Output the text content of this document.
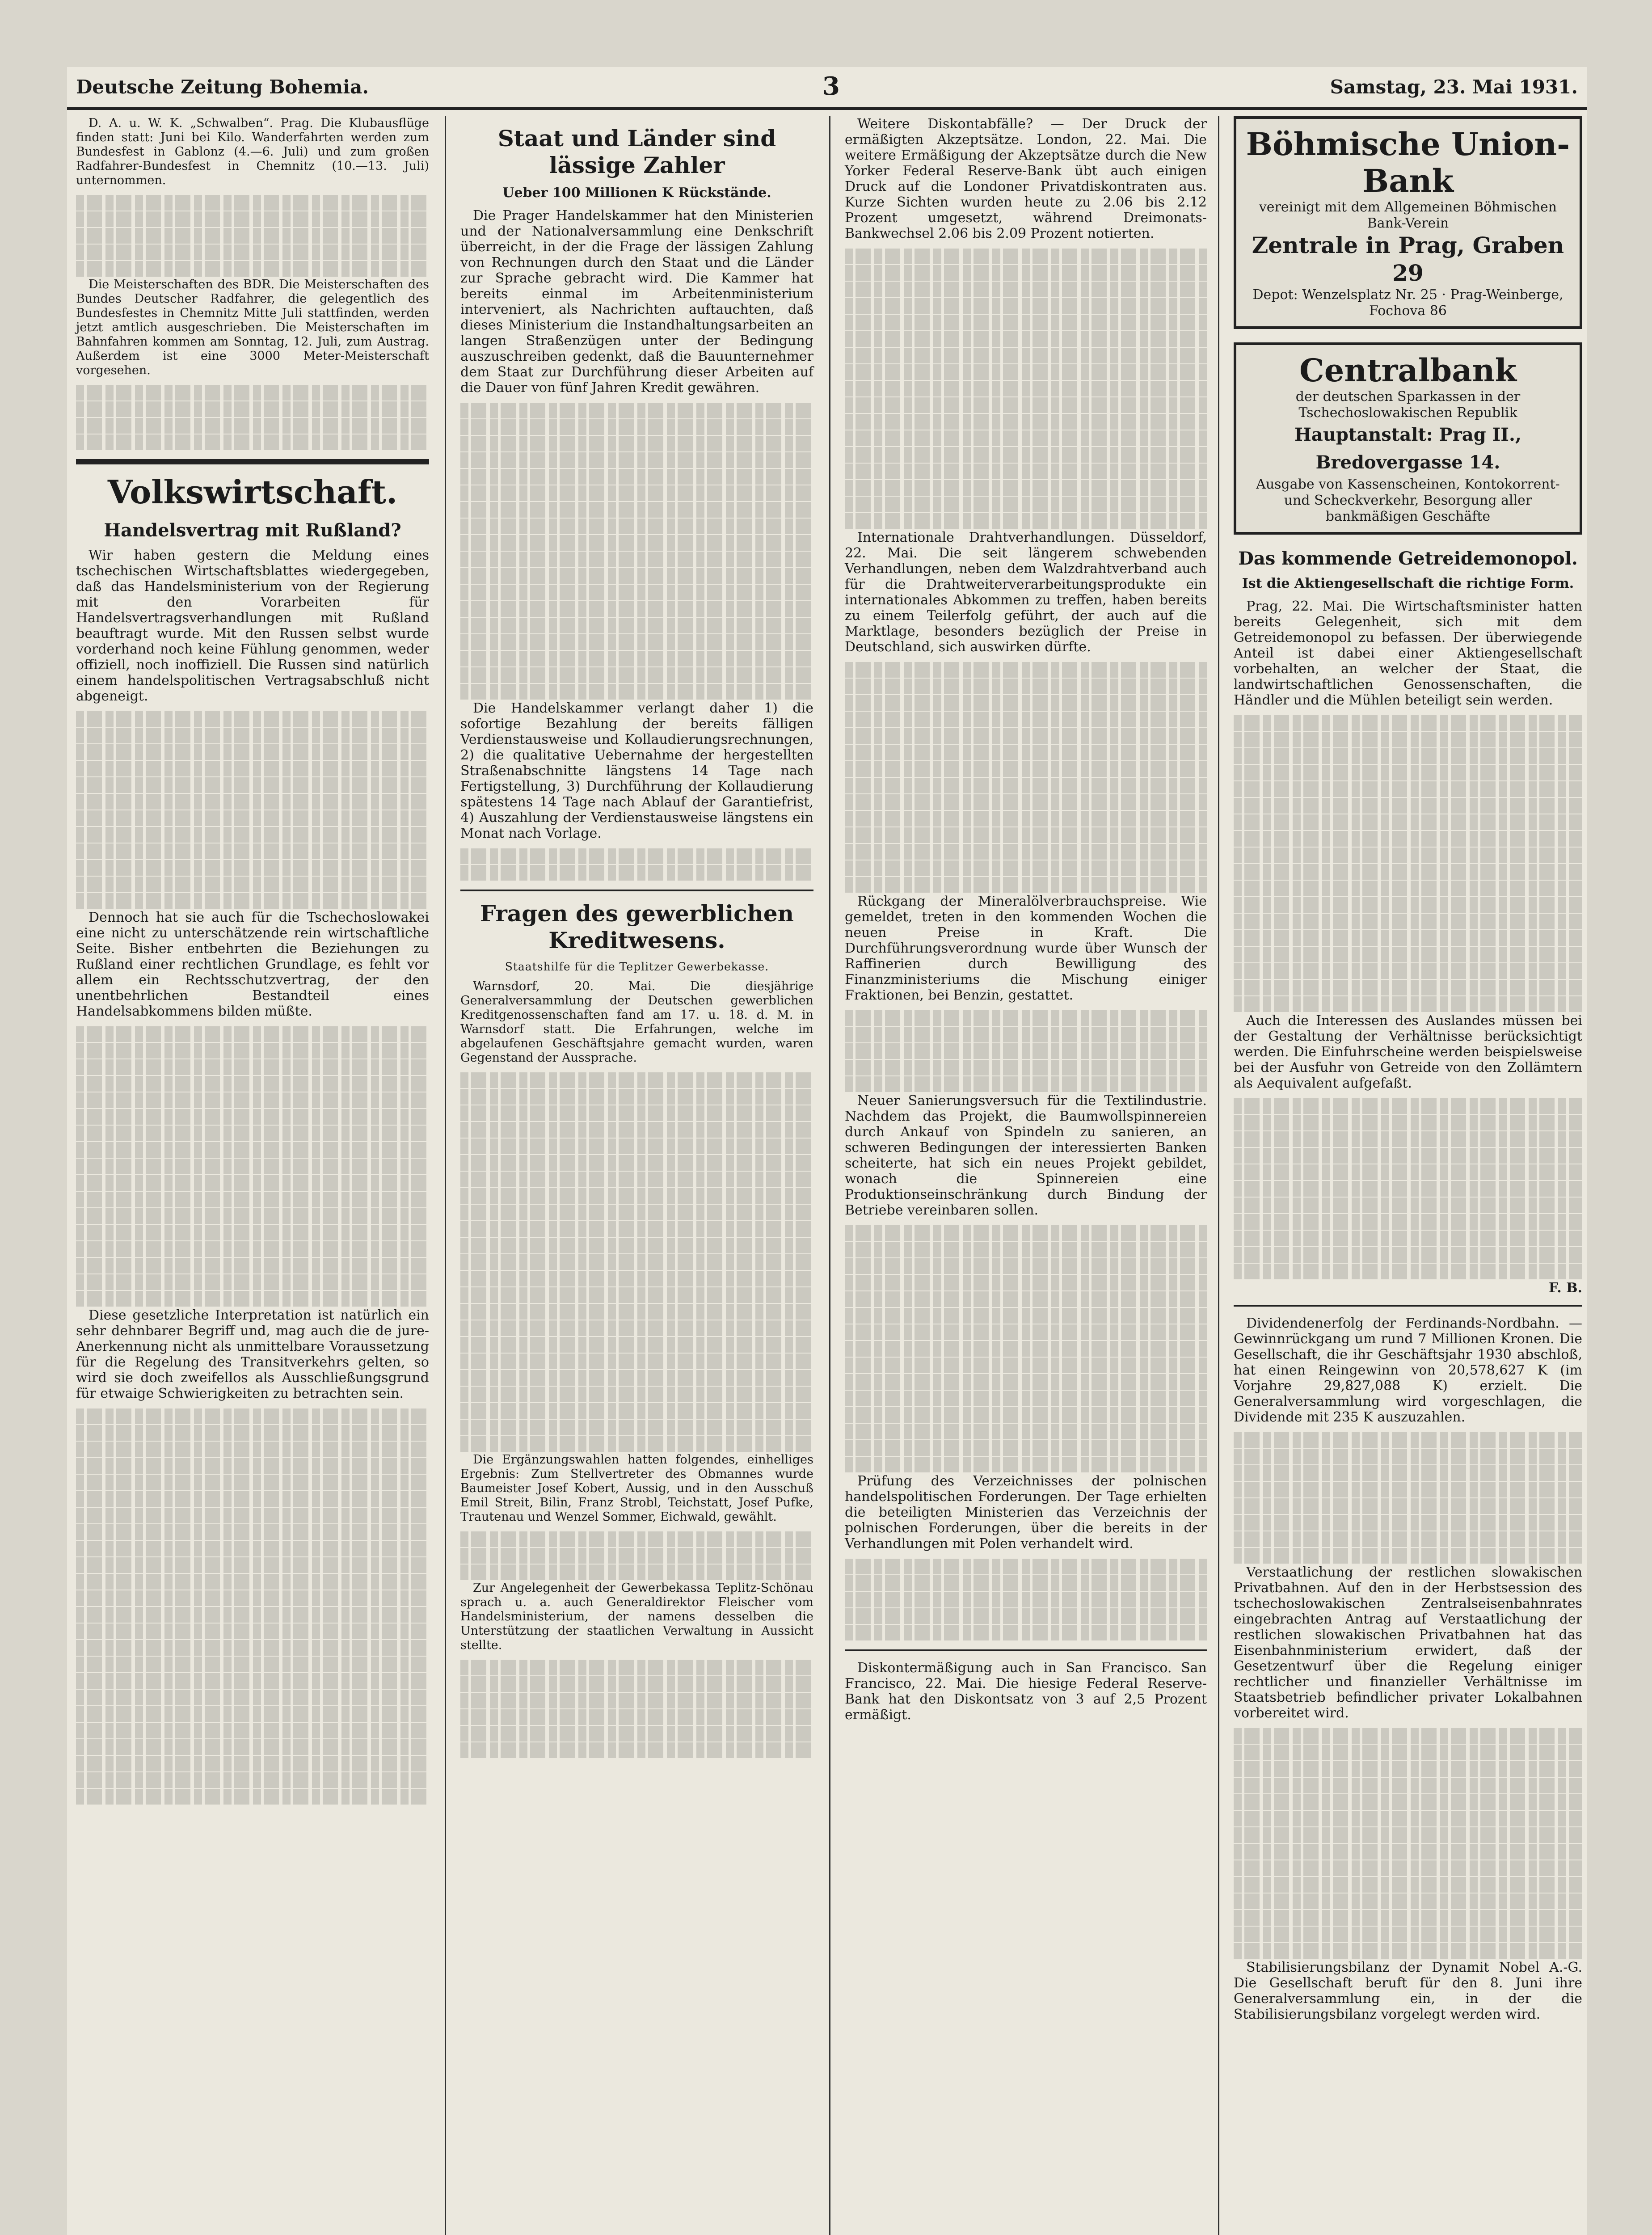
Deutsche Zeitung Bohemia.	3	Samstag, 23. Mai 1931.

D. A. u. W. K. „Schwalben“. Prag. Die Klubausflüge finden statt: Juni bei Kilo. Wanderfahrten werden zum Bundesfest in Gablonz (4.—6. Juli) und zum großen Radfahrer-Bundesfest in Chemnitz (10.—13. Juli) unternommen.

Die Meisterschaften des BDR. Die Meisterschaften des Bundes Deutscher Radfahrer, die gelegentlich des Bundesfestes in Chemnitz Mitte Juli stattfinden, werden jetzt amtlich ausgeschrieben. Die Meisterschaften im Bahnfahren kommen am Sonntag, 12. Juli, zum Austrag. Außerdem ist eine 3000 Meter-Meisterschaft vorgesehen.

Volkswirtschaft.
Handelsvertrag mit Rußland?

Wir haben gestern die Meldung eines tschechischen Wirtschaftsblattes wiedergegeben, daß das Handelsministerium von der Regierung mit den Vorarbeiten für Handelsvertragsverhandlungen mit Rußland beauftragt wurde. Mit den Russen selbst wurde vorderhand noch keine Fühlung genommen, weder offiziell, noch inoffiziell. Die Russen sind natürlich einem handelspolitischen Vertragsabschluß nicht abgeneigt.

Dennoch hat sie auch für die Tschechoslowakei eine nicht zu unterschätzende rein wirtschaftliche Seite. Bisher entbehrten die Beziehungen zu Rußland einer rechtlichen Grundlage, es fehlt vor allem ein Rechtsschutzvertrag, der den unentbehrlichen Bestandteil eines Handelsabkommens bilden müßte.

Diese gesetzliche Interpretation ist natürlich ein sehr dehnbarer Begriff und, mag auch die de jure-Anerkennung nicht als unmittelbare Voraussetzung für die Regelung des Transitverkehrs gelten, so wird sie doch zweifellos als Ausschließungsgrund für etwaige Schwierigkeiten zu betrachten sein.

Staat und Länder sind lässige Zahler
Ueber 100 Millionen K Rückstände.

Die Prager Handelskammer hat den Ministerien und der Nationalversammlung eine Denkschrift überreicht, in der die Frage der lässigen Zahlung von Rechnungen durch den Staat und die Länder zur Sprache gebracht wird. Die Kammer hat bereits einmal im Arbeitenministerium interveniert, als Nachrichten auftauchten, daß dieses Ministerium die Instandhaltungsarbeiten an langen Straßenzügen unter der Bedingung auszuschreiben gedenkt, daß die Bauunternehmer dem Staat zur Durchführung dieser Arbeiten auf die Dauer von fünf Jahren Kredit gewähren.

Die Handelskammer verlangt daher 1) die sofortige Bezahlung der bereits fälligen Verdienstausweise und Kollaudierungsrechnungen, 2) die qualitative Uebernahme der hergestellten Straßenabschnitte längstens 14 Tage nach Fertigstellung, 3) Durchführung der Kollaudierung spätestens 14 Tage nach Ablauf der Garantiefrist, 4) Auszahlung der Verdienstausweise längstens ein Monat nach Vorlage.

Fragen des gewerblichen Kreditwesens.
Staatshilfe für die Teplitzer Gewerbekasse.

Warnsdorf, 20. Mai. Die diesjährige Generalversammlung der Deutschen gewerblichen Kreditgenossenschaften fand am 17. u. 18. d. M. in Warnsdorf statt. Die Erfahrungen, welche im abgelaufenen Geschäftsjahre gemacht wurden, waren Gegenstand der Aussprache.

Die Ergänzungswahlen hatten folgendes, einhelliges Ergebnis: Zum Stellvertreter des Obmannes wurde Baumeister Josef Kobert, Aussig, und in den Ausschuß Emil Streit, Bilin, Franz Strobl, Teichstatt, Josef Pufke, Trautenau und Wenzel Sommer, Eichwald, gewählt.

Zur Angelegenheit der Gewerbekassa Teplitz-Schönau sprach u. a. auch Generaldirektor Fleischer vom Handelsministerium, der namens desselben die Unterstützung der staatlichen Verwaltung in Aussicht stellte.

Weitere Diskontabfälle? — Der Druck der ermäßigten Akzeptsätze. London, 22. Mai. Die weitere Ermäßigung der Akzeptsätze durch die New Yorker Federal Reserve-Bank übt auch einigen Druck auf die Londoner Privatdiskontraten aus. Kurze Sichten wurden heute zu 2.06 bis 2.12 Prozent umgesetzt, während Dreimonats-Bankwechsel 2.06 bis 2.09 Prozent notierten.

Internationale Drahtverhandlungen. Düsseldorf, 22. Mai. Die seit längerem schwebenden Verhandlungen, neben dem Walzdrahtverband auch für die Drahtweiterverarbeitungsprodukte ein internationales Abkommen zu treffen, haben bereits zu einem Teilerfolg geführt, der auch auf die Marktlage, besonders bezüglich der Preise in Deutschland, sich auswirken dürfte.

Rückgang der Mineralölverbrauchspreise. Wie gemeldet, treten in den kommenden Wochen die neuen Preise in Kraft. Die Durchführungsverordnung wurde über Wunsch der Raffinerien durch Bewilligung des Finanzministeriums die Mischung einiger Fraktionen, bei Benzin, gestattet.

Neuer Sanierungsversuch für die Textilindustrie. Nachdem das Projekt, die Baumwollspinnereien durch Ankauf von Spindeln zu sanieren, an schweren Bedingungen der interessierten Banken scheiterte, hat sich ein neues Projekt gebildet, wonach die Spinnereien eine Produktionseinschränkung durch Bindung der Betriebe vereinbaren sollen.

Prüfung des Verzeichnisses der polnischen handelspolitischen Forderungen. Der Tage erhielten die beteiligten Ministerien das Verzeichnis der polnischen Forderungen, über die bereits in der Verhandlungen mit Polen verhandelt wird.

Diskontermäßigung auch in San Francisco. San Francisco, 22. Mai. Die hiesige Federal Reserve-Bank hat den Diskontsatz von 3 auf 2,5 Prozent ermäßigt.

Böhmische Union-Bank
vereinigt mit dem Allgemeinen Böhmischen Bank-Verein
Zentrale in Prag, Graben 29
Depot: Wenzelsplatz Nr. 25 · Prag-Weinberge, Fochova 86
Centralbank
der deutschen Sparkassen in der Tschechoslowakischen Republik
Hauptanstalt: Prag II., Bredovergasse 14.
Ausgabe von Kassenscheinen, Kontokorrent- und Scheckverkehr, Besorgung aller bankmäßigen Geschäfte
Das kommende Getreidemonopol.
Ist die Aktiengesellschaft die richtige Form.

Prag, 22. Mai. Die Wirtschaftsminister hatten bereits Gelegenheit, sich mit dem Getreidemonopol zu befassen. Der überwiegende Anteil ist dabei einer Aktiengesellschaft vorbehalten, an welcher der Staat, die landwirtschaftlichen Genossenschaften, die Händler und die Mühlen beteiligt sein werden.

Auch die Interessen des Auslandes müssen bei der Gestaltung der Verhältnisse berücksichtigt werden. Die Einfuhrscheine werden beispielsweise bei der Ausfuhr von Getreide von den Zollämtern als Aequivalent aufgefaßt.

F. B.

Dividendenerfolg der Ferdinands-Nordbahn. — Gewinnrückgang um rund 7 Millionen Kronen. Die Gesellschaft, die ihr Geschäftsjahr 1930 abschloß, hat einen Reingewinn von 20,578,627 K (im Vorjahre 29,827,088 K) erzielt. Die Generalversammlung wird vorgeschlagen, die Dividende mit 235 K auszuzahlen.

Verstaatlichung der restlichen slowakischen Privatbahnen. Auf den in der Herbstsession des tschechoslowakischen Zentralseisenbahnrates eingebrachten Antrag auf Verstaatlichung der restlichen slowakischen Privatbahnen hat das Eisenbahnministerium erwidert, daß der Gesetzentwurf über die Regelung einiger rechtlicher und finanzieller Verhältnisse im Staatsbetrieb befindlicher privater Lokalbahnen vorbereitet wird.

Stabilisierungsbilanz der Dynamit Nobel A.-G. Die Gesellschaft beruft für den 8. Juni ihre Generalversammlung ein, in der die Stabilisierungsbilanz vorgelegt werden wird.
